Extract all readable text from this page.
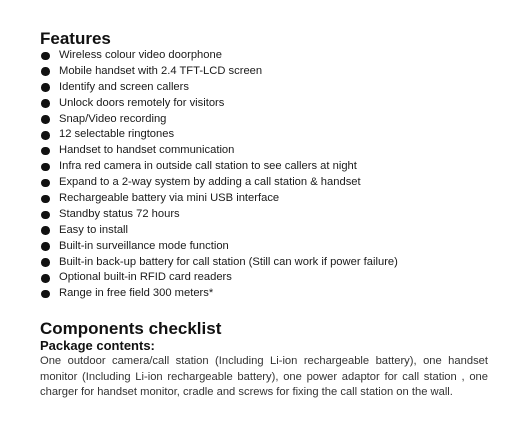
Features
Wireless colour video doorphone
Mobile handset with 2.4 TFT-LCD screen
Identify and screen callers
Unlock doors remotely for visitors
Snap/Video recording
12 selectable ringtones
Handset to handset communication
Infra red camera in outside call station to see callers at night
Expand to a 2-way system by adding a call station & handset
Rechargeable battery via mini USB interface
Standby status 72 hours
Easy to install
Built-in surveillance mode function
Built-in back-up battery for call station (Still can work if power failure)
Optional built-in RFID card readers
Range in free field 300 meters*
Components checklist
Package contents:

One outdoor camera/call station (Including Li-ion rechargeable battery), one handset monitor (Including Li-ion rechargeable battery), one power adaptor for call station , one charger for handset monitor, cradle and screws for fixing the call station on the wall.
